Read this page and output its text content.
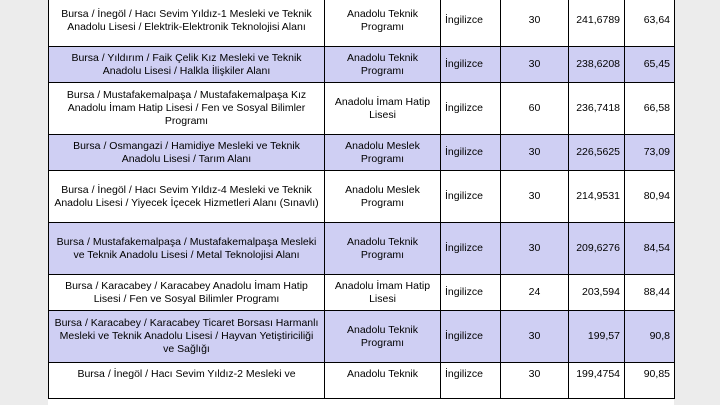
Bursa / İnegöl / Hacı Sevim Yıldız-1 Mesleki ve Teknik Anadolu Lisesi / Elektrik-Elektronik Teknolojisi Alanı	Anadolu Teknik Programı	İngilizce	30	241,6789	63,64
Bursa / Yıldırım / Faik Çelik Kız Mesleki ve Teknik Anadolu Lisesi / Halkla İlişkiler Alanı	Anadolu Teknik Programı	İngilizce	30	238,6208	65,45
Bursa / Mustafakemalpaşa / Mustafakemalpaşa Kız Anadolu İmam Hatip Lisesi / Fen ve Sosyal Bilimler Programı	Anadolu İmam Hatip Lisesi	İngilizce	60	236,7418	66,58
Bursa / Osmangazi / Hamidiye Mesleki ve Teknik Anadolu Lisesi / Tarım Alanı	Anadolu Meslek Programı	İngilizce	30	226,5625	73,09
Bursa / İnegöl / Hacı Sevim Yıldız-4 Mesleki ve Teknik Anadolu Lisesi / Yiyecek İçecek Hizmetleri Alanı (Sınavlı)	Anadolu Meslek Programı	İngilizce	30	214,9531	80,94
Bursa / Mustafakemalpaşa / Mustafakemalpaşa Mesleki ve Teknik Anadolu Lisesi / Metal Teknolojisi Alanı	Anadolu Teknik Programı	İngilizce	30	209,6276	84,54
Bursa / Karacabey / Karacabey Anadolu İmam Hatip Lisesi / Fen ve Sosyal Bilimler Programı	Anadolu İmam Hatip Lisesi	İngilizce	24	203,594	88,44
Bursa / Karacabey / Karacabey Ticaret Borsası Harmanlı Mesleki ve Teknik Anadolu Lisesi / Hayvan Yetiştiriciliği ve Sağlığı	Anadolu Teknik Programı	İngilizce	30	199,57	90,8
Bursa / İnegöl / Hacı Sevim Yıldız-2 Mesleki ve	Anadolu Teknik	İngilizce	30	199,4754	90,85
